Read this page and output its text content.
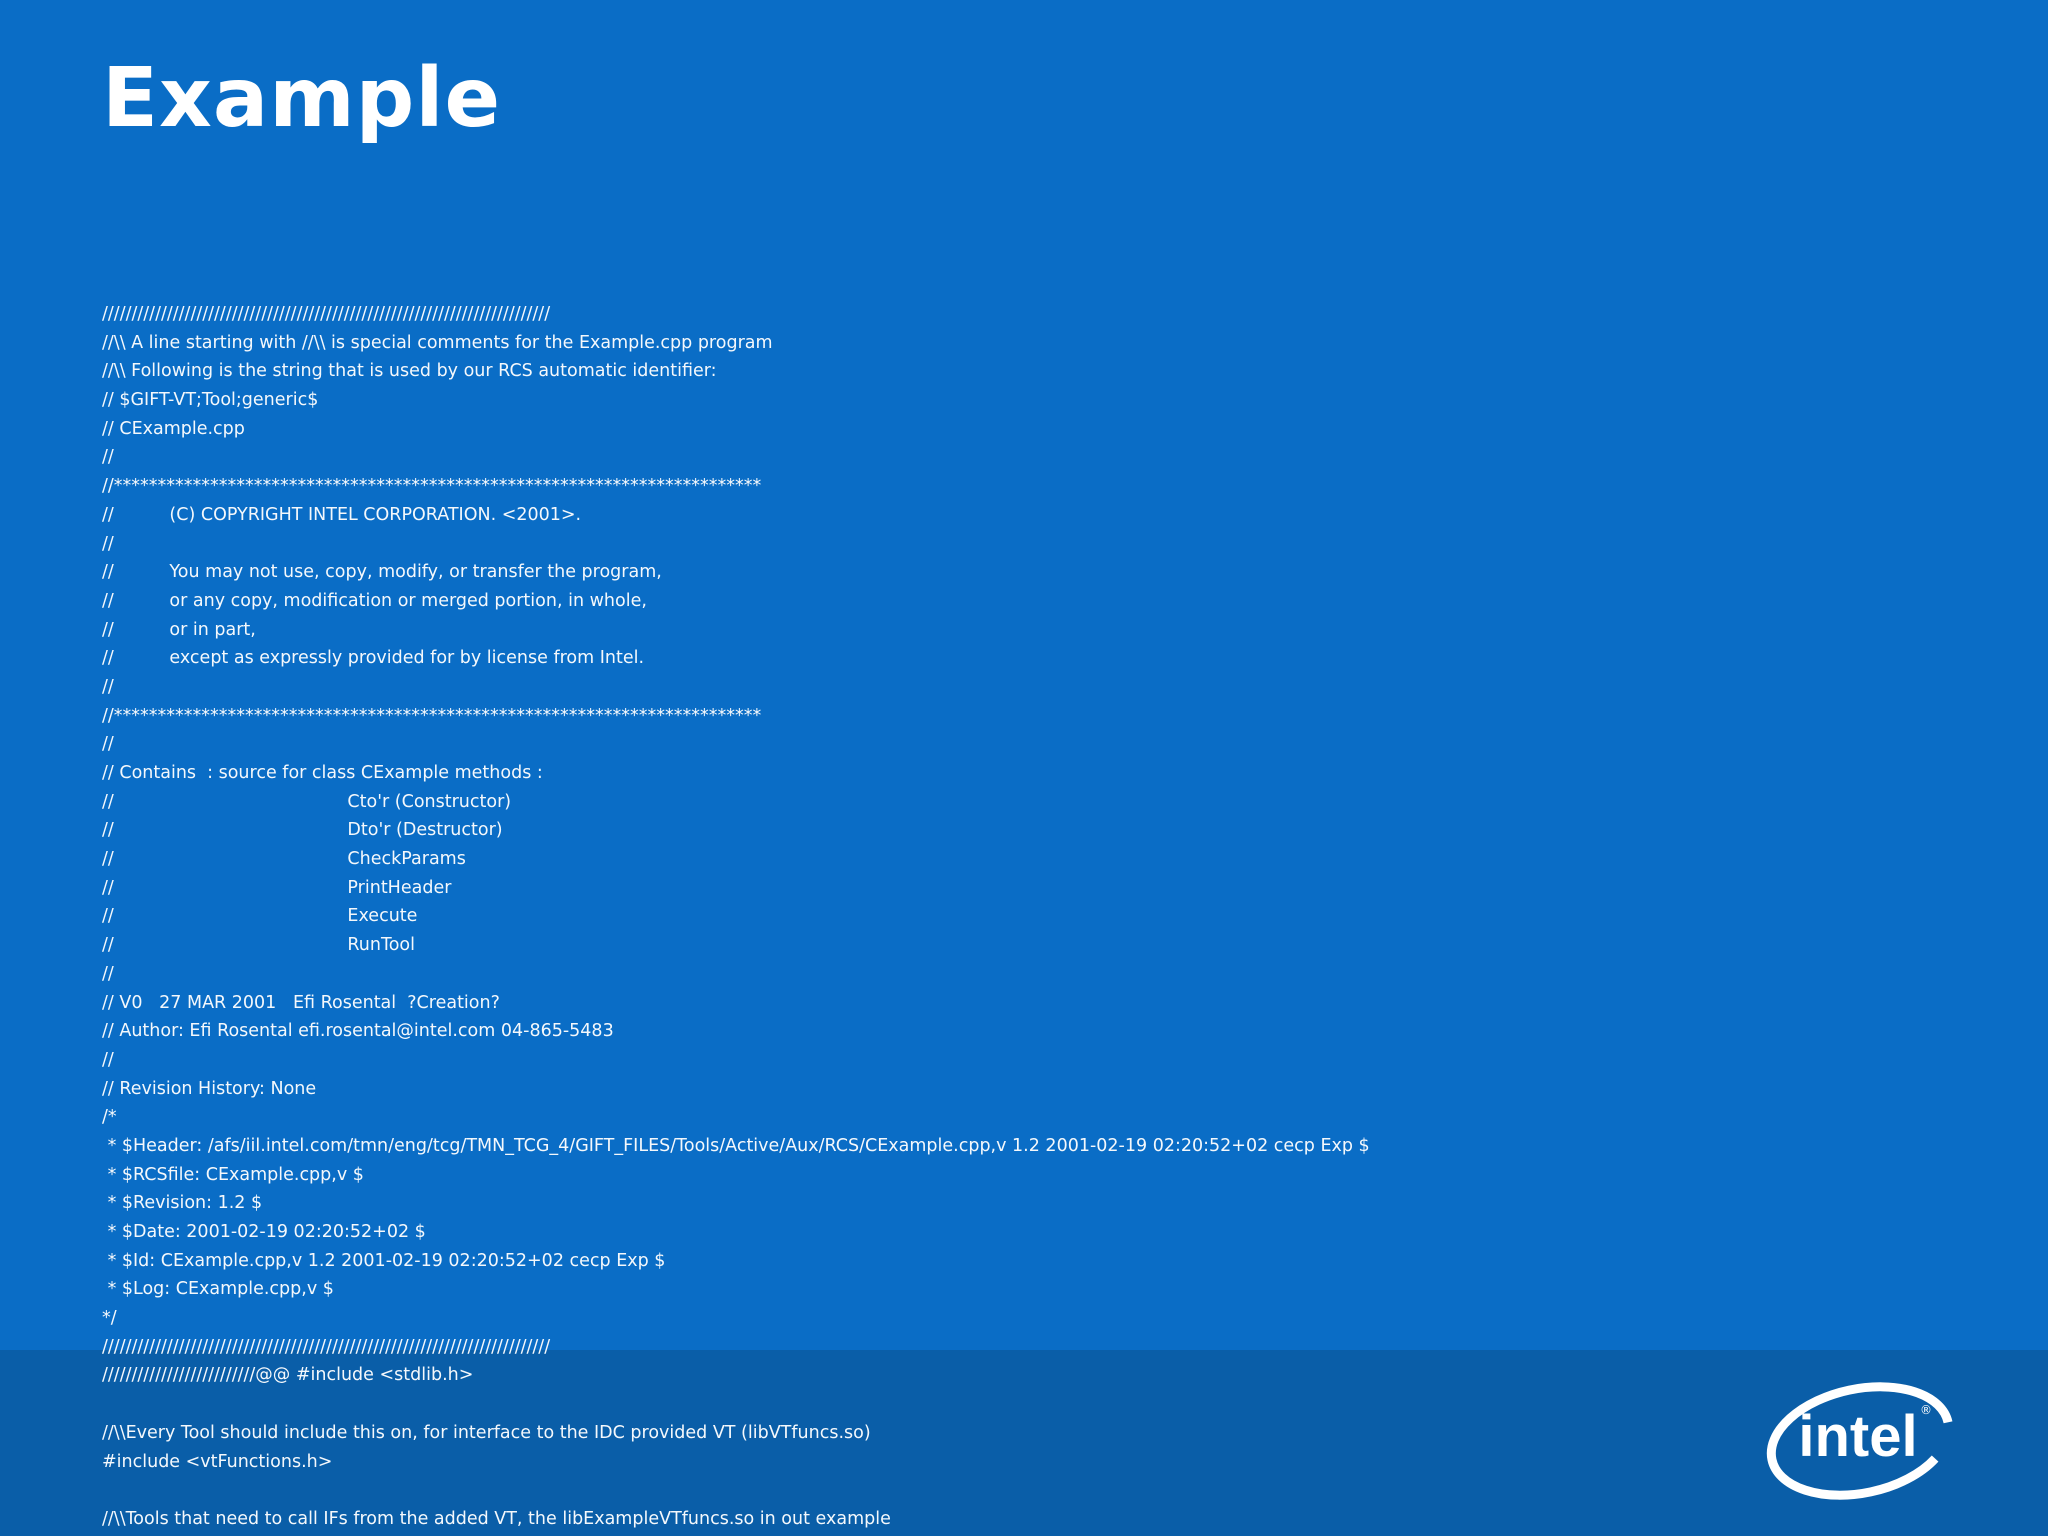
Example
////////////////////////////////////////////////////////////////////////////
//\\ A line starting with //\\ is special comments for the Example.cpp program
//\\ Following is the string that is used by our RCS automatic identifier:
// $GIFT-VT;Tool;generic$
// CExample.cpp
//
//**************************************************************************
//          (C) COPYRIGHT INTEL CORPORATION. <2001>.
//
//          You may not use, copy, modify, or transfer the program,
//          or any copy, modification or merged portion, in whole,
//          or in part,
//          except as expressly provided for by license from Intel.
//
//**************************************************************************
//
// Contains  : source for class CExample methods :
//                                          Cto'r (Constructor)
//                                          Dto'r (Destructor)
//                                          CheckParams
//                                          PrintHeader
//                                          Execute
//                                          RunTool
//
// V0   27 MAR 2001   Efi Rosental  ?Creation?
// Author: Efi Rosental efi.rosental@intel.com 04-865-5483
//
// Revision History: None
/*
* $Header: /afs/iil.intel.com/tmn/eng/tcg/TMN_TCG_4/GIFT_FILES/Tools/Active/Aux/RCS/CExample.cpp,v 1.2 2001-02-19 02:20:52+02 cecp Exp $
* $RCSfile: CExample.cpp,v $
* $Revision: 1.2 $
* $Date: 2001-02-19 02:20:52+02 $
* $Id: CExample.cpp,v 1.2 2001-02-19 02:20:52+02 cecp Exp $
* $Log: CExample.cpp,v $
*/
////////////////////////////////////////////////////////////////////////////
//////////////////////////@@ #include <stdlib.h>
//\\Every Tool should include this on, for interface to the IDC provided VT (libVTfuncs.so)
#include <vtFunctions.h>
//\\Tools that need to call IFs from the added VT, the libExampleVTfuncs.so in out example
intel ®
